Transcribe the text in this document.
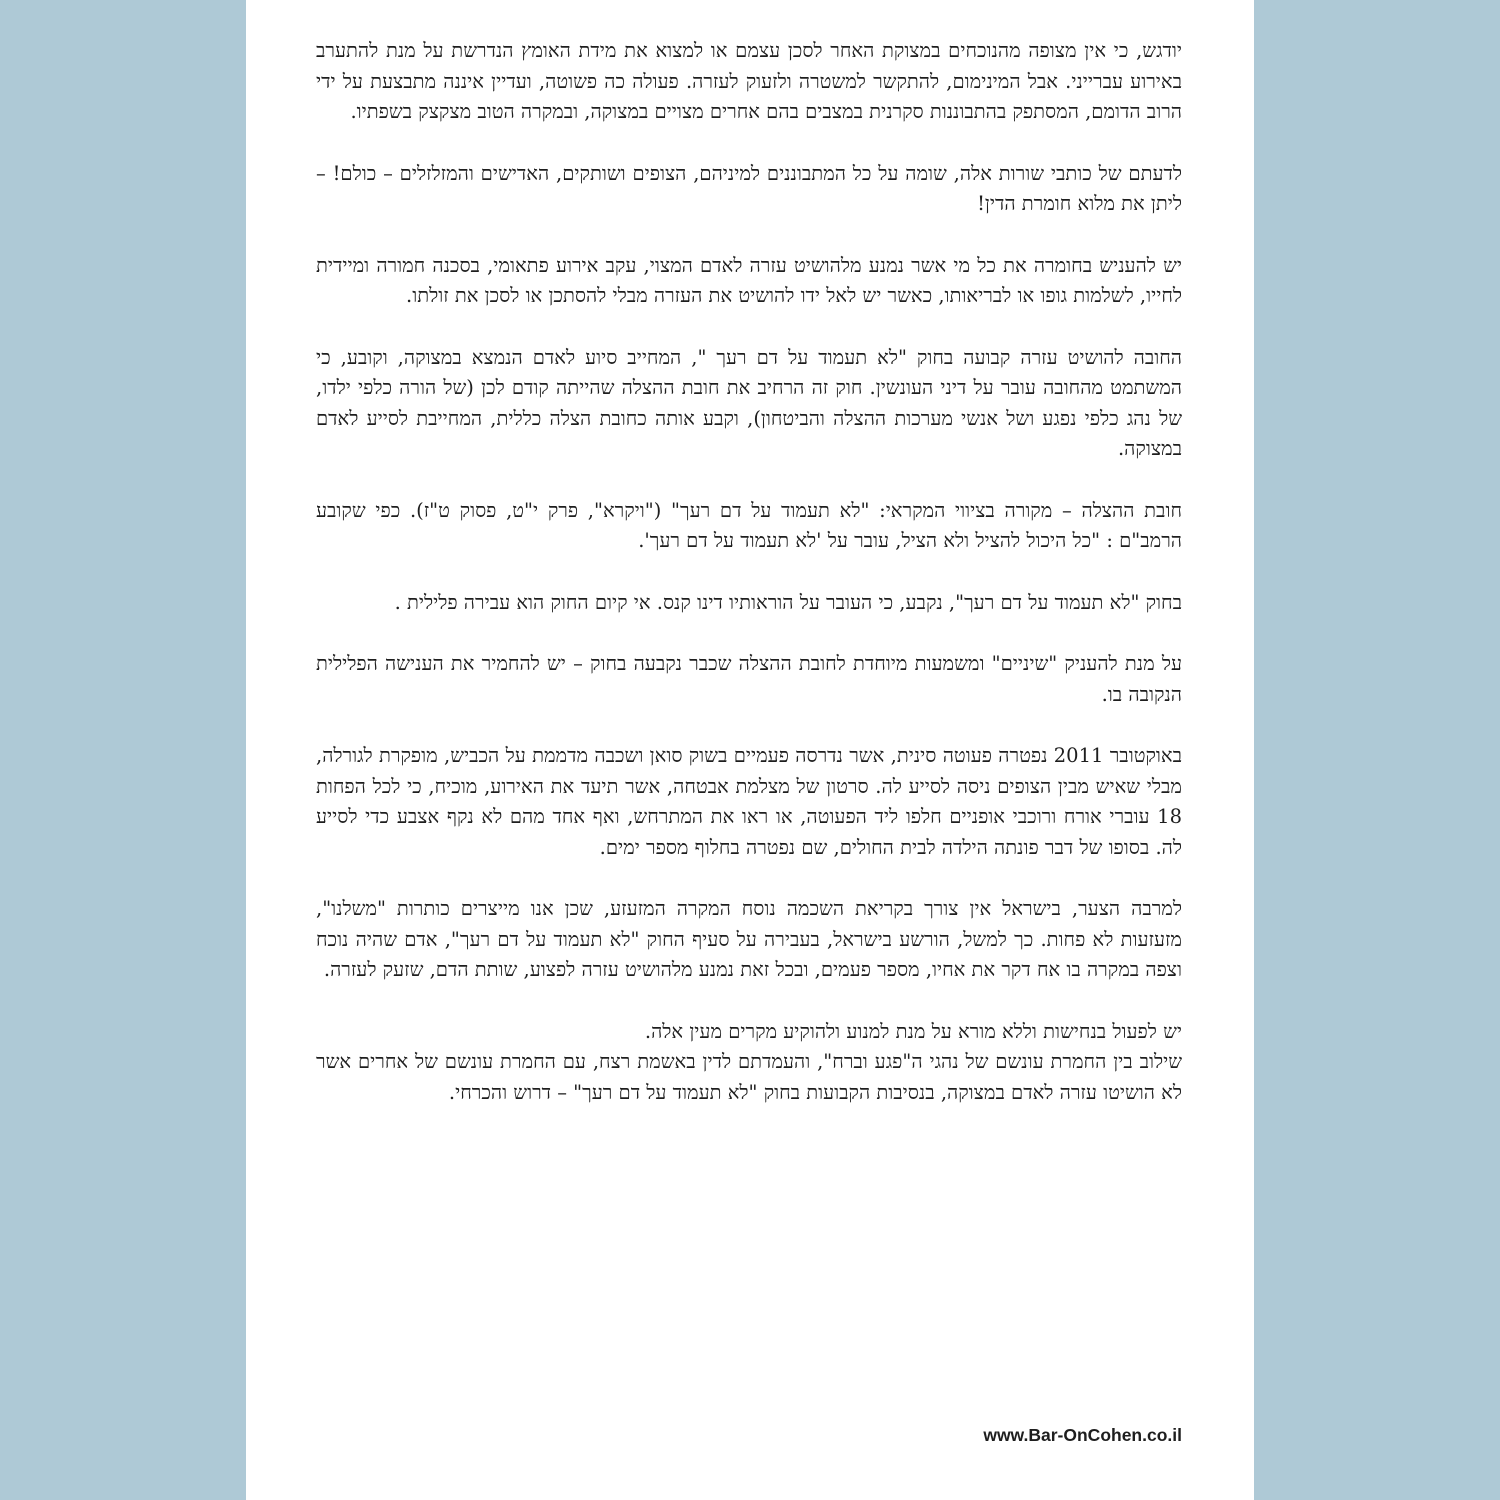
יודגש, כי אין מצופה מהנוכחים במצוקת האחר לסכן עצמם או למצוא את מידת האומץ הנדרשת על מנת להתערב באירוע עברייני. אבל המינימום, להתקשר למשטרה ולזעוק לעזרה. פעולה כה פשוטה, ועדיין איננה מתבצעת על ידי הרוב הדומם, המסתפק בהתבוננות סקרנית במצבים בהם אחרים מצויים במצוקה, ובמקרה הטוב מצקצק בשפתיו.

לדעתם של כותבי שורות אלה, שומה על כל המתבוננים למיניהם, הצופים ושותקים, האדישים והמזלזלים – כולם! – ליתן את מלוא חומרת הדין!

יש להעניש בחומרה את כל מי אשר נמנע מלהושיט עזרה לאדם המצוי, עקב אירוע פתאומי, בסכנה חמורה ומיידית לחייו, לשלמות גופו או לבריאותו, כאשר יש לאל ידו להושיט את העזרה מבלי להסתכן או לסכן את זולתו.

החובה להושיט עזרה קבועה בחוק "לא תעמוד על דם רעך ", המחייב סיוע לאדם הנמצא במצוקה, וקובע, כי המשתמט מהחובה עובר על דיני העונשין. חוק זה הרחיב את חובת ההצלה שהייתה קודם לכן (של הורה כלפי ילדו, של נהג כלפי נפגע ושל אנשי מערכות ההצלה והביטחון), וקבע אותה כחובת הצלה כללית, המחייבת לסייע לאדם במצוקה.

חובת ההצלה – מקורה בציווי המקראי: "לא תעמוד על דם רעך" ("ויקרא", פרק י"ט, פסוק ט"ז). כפי שקובע הרמב"ם : "כל היכול להציל ולא הציל, עובר על 'לא תעמוד על דם רעך'.

בחוק "לא תעמוד על דם רעך", נקבע, כי העובר על הוראותיו דינו קנס. אי קיום החוק הוא עבירה פלילית .

על מנת להעניק "שיניים" ומשמעות מיוחדת לחובת ההצלה שכבר נקבעה בחוק – יש להחמיר את הענישה הפלילית הנקובה בו.

באוקטובר 2011 נפטרה פעוטה סינית, אשר נדרסה פעמיים בשוק סואן ושכבה מדממת על הכביש, מופקרת לגורלה, מבלי שאיש מבין הצופים ניסה לסייע לה. סרטון של מצלמת אבטחה, אשר תיעד את האירוע, מוכיח, כי לכל הפחות 18 עוברי אורח ורוכבי אופניים חלפו ליד הפעוטה, או ראו את המתרחש, ואף אחד מהם לא נקף אצבע כדי לסייע לה. בסופו של דבר פונתה הילדה לבית החולים, שם נפטרה בחלוף מספר ימים.

למרבה הצער, בישראל אין צורך בקריאת השכמה נוסח המקרה המזעזע, שכן אנו מייצרים כותרות "משלנו", מזעזעות לא פחות. כך למשל, הורשע בישראל, בעבירה על סעיף החוק "לא תעמוד על דם רעך", אדם שהיה נוכח וצפה במקרה בו אח דקר את אחיו, מספר פעמים, ובכל זאת נמנע מלהושיט עזרה לפצוע, שותת הדם, שזעק לעזרה.

יש לפעול בנחישות וללא מורא על מנת למנוע ולהוקיע מקרים מעין אלה.

שילוב בין החמרת עונשם של נהגי ה"פגע וברח", והעמדתם לדין באשמת רצח, עם החמרת עונשם של אחרים אשר לא הושיטו עזרה לאדם במצוקה, בנסיבות הקבועות בחוק "לא תעמוד על דם רעך" – דרוש והכרחי.

www.Bar-OnCohen.co.il
